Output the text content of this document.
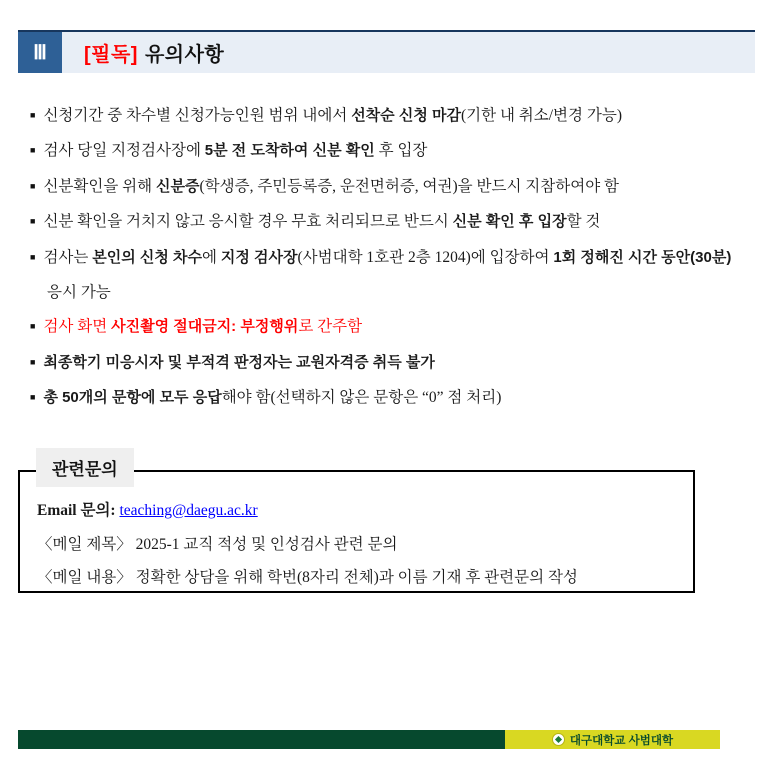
Ⅲ [필독] 유의사항
■ 신청기간 중 차수별 신청가능인원 범위 내에서 선착순 신청 마감(기한 내 취소/변경 가능)
■ 검사 당일 지정검사장에 5분 전 도착하여 신분 확인 후 입장
■ 신분확인을 위해 신분증(학생증, 주민등록증, 운전면허증, 여권)을 반드시 지참하여야 함
■ 신분 확인을 거치지 않고 응시할 경우 무효 처리되므로 반드시 신분 확인 후 입장할 것
■ 검사는 본인의 신청 차수에 지정 검사장(사범대학 1호관 2층 1204)에 입장하여 1회 정해진 시간 동안(30분) 응시 가능
■ 검사 화면 사진촬영 절대금지: 부정행위로 간주함
■ 최종학기 미응시자 및 부적격 판정자는 교원자격증 취득 불가
■ 총 50개의 문항에 모두 응답해야 함(선택하지 않은 문항은 “0” 점 처리)
관련문의
Email 문의: teaching@daegu.ac.kr
〈메일 제목〉 2025-1 교직 적성 및 인성검사 관련 문의
〈메일 내용〉 정확한 상담을 위해 학번(8자리 전체)과 이름 기재 후 관련문의 작성
대구대학교 사범대학
